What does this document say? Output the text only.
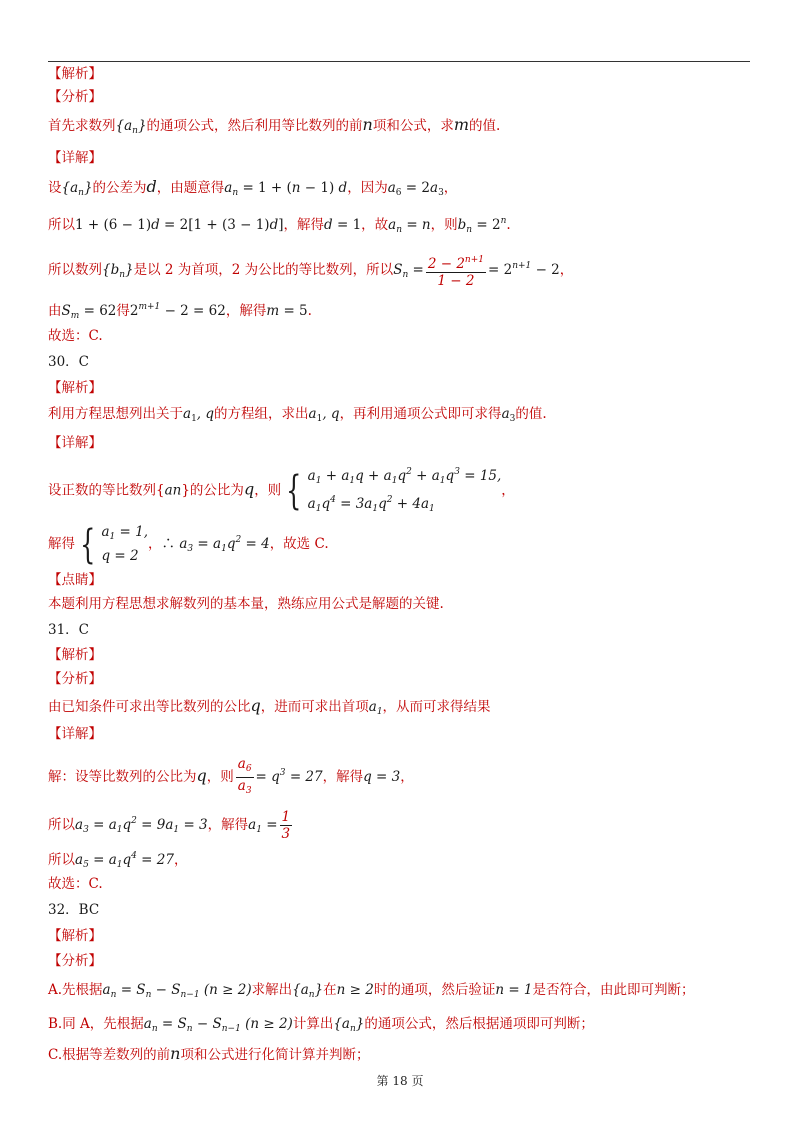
【解析】
【分析】
首先求数列$\{a_n\}$的通项公式，然后利用等比数列的前n项和公式，求m的值.
【详解】
设$\{a_n\}$的公差为d，由题意得$a_n = 1 + (n - 1)$ d，因为$a_6 = 2a_3$，
所以1 + (6 − 1)d = 2[1 + (3 − 1)d]，解得d = 1，故$a_n = n$，则$b_n = 2^n$.
所以数列$\{b_n\}$是以 2 为首项，2 为公比的等比数列，所以$S_n = \frac{2 - 2^{n+1}}{1 - 2} = 2^{n+1} - 2$，
由$S_m = 62$得$2^{m+1} - 2 = 62$，解得m = 5.
故选：C.
30．C
【解析】
利用方程思想列出关于$a_1$, q的方程组，求出$a_1$, q，再利用通项公式即可求得$a_3$的值.
【详解】
设正数的等比数列{an}的公比为q，则 { $a_1 + a_1q + a_1q^2 + a_1q^3 = 15$,
$a_1q^4 = 3a_1q^2 + 4a_1$
，
解得 { $a_1 = 1$,
q = 2
，∴ $a_3 = a_1q^2 = 4$，故选 C.
【点睛】
本题利用方程思想求解数列的基本量，熟练应用公式是解题的关键.
31．C
【解析】
【分析】
由已知条件可求出等比数列的公比q，进而可求出首项$a_1$，从而可求得结果
【详解】
解：设等比数列的公比为q，则 $\frac{a_6}{a_3} = q^3 = 27$，解得q = 3，
所以$a_3 = a_1q^2 = 9a_1 = 3$，解得$a_1 = \frac{1}{3}$
所以$a_5 = a_1q^4 = 27$，
故选：C.
32．BC
【解析】
【分析】
A.先根据$a_n = S_n - S_{n-1}$ (n ≥ 2)求解出$\{a_n\}$在n ≥ 2时的通项，然后验证n = 1是否符合，由此即可判断；
B.同 A，先根据$a_n = S_n - S_{n-1}$ (n ≥ 2)计算出$\{a_n\}$的通项公式，然后根据通项即可判断；
C.根据等差数列的前n项和公式进行化简计算并判断；
第 18 页
